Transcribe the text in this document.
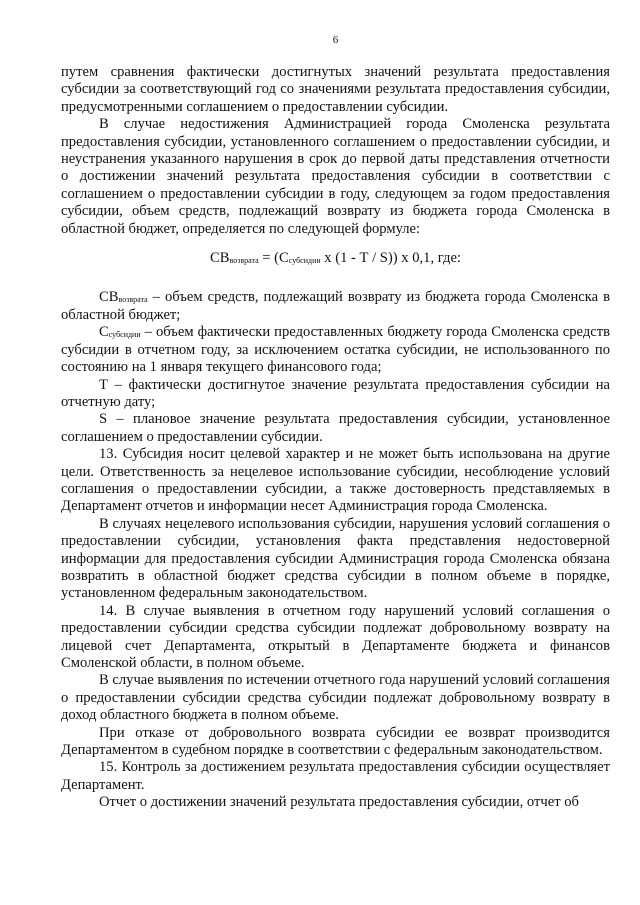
6

путем сравнения фактически достигнутых значений результата предоставления субсидии за соответствующий год со значениями результата предоставления субсидии, предусмотренными соглашением о предоставлении субсидии.

В случае недостижения Администрацией города Смоленска результата предоставления субсидии, установленного соглашением о предоставлении субсидии, и неустранения указанного нарушения в срок до первой даты представления отчетности о достижении значений результата предоставления субсидии в соответствии с соглашением о предоставлении субсидии в году, следующем за годом предоставления субсидии, объем средств, подлежащий возврату из бюджета города Смоленска в областной бюджет, определяется по следующей формуле:

$СВ_{возврата} = (С_{субсидии}$ x (1 - Т / S)) x 0,1, где:

$СВ_{возврата}$ – объем средств, подлежащий возврату из бюджета города Смоленска в областной бюджет;

$С_{субсидии}$ – объем фактически предоставленных бюджету города Смоленска средств субсидии в отчетном году, за исключением остатка субсидии, не использованного по состоянию на 1 января текущего финансового года;

Т – фактически достигнутое значение результата предоставления субсидии на отчетную дату;

S – плановое значение результата предоставления субсидии, установленное соглашением о предоставлении субсидии.

13. Субсидия носит целевой характер и не может быть использована на другие цели. Ответственность за нецелевое использование субсидии, несоблюдение условий соглашения о предоставлении субсидии, а также достоверность представляемых в Департамент отчетов и информации несет Администрация города Смоленска.

В случаях нецелевого использования субсидии, нарушения условий соглашения о предоставлении субсидии, установления факта представления недостоверной информации для предоставления субсидии Администрация города Смоленска обязана возвратить в областной бюджет средства субсидии в полном объеме в порядке, установленном федеральным законодательством.

14. В случае выявления в отчетном году нарушений условий соглашения о предоставлении субсидии средства субсидии подлежат добровольному возврату на лицевой счет Департамента, открытый в Департаменте бюджета и финансов Смоленской области, в полном объеме.

В случае выявления по истечении отчетного года нарушений условий соглашения о предоставлении субсидии средства субсидии подлежат добровольному возврату в доход областного бюджета в полном объеме.

При отказе от добровольного возврата субсидии ее возврат производится Департаментом в судебном порядке в соответствии с федеральным законодательством.

15. Контроль за достижением результата предоставления субсидии осуществляет Департамент.

Отчет о достижении значений результата предоставления субсидии, отчет об
